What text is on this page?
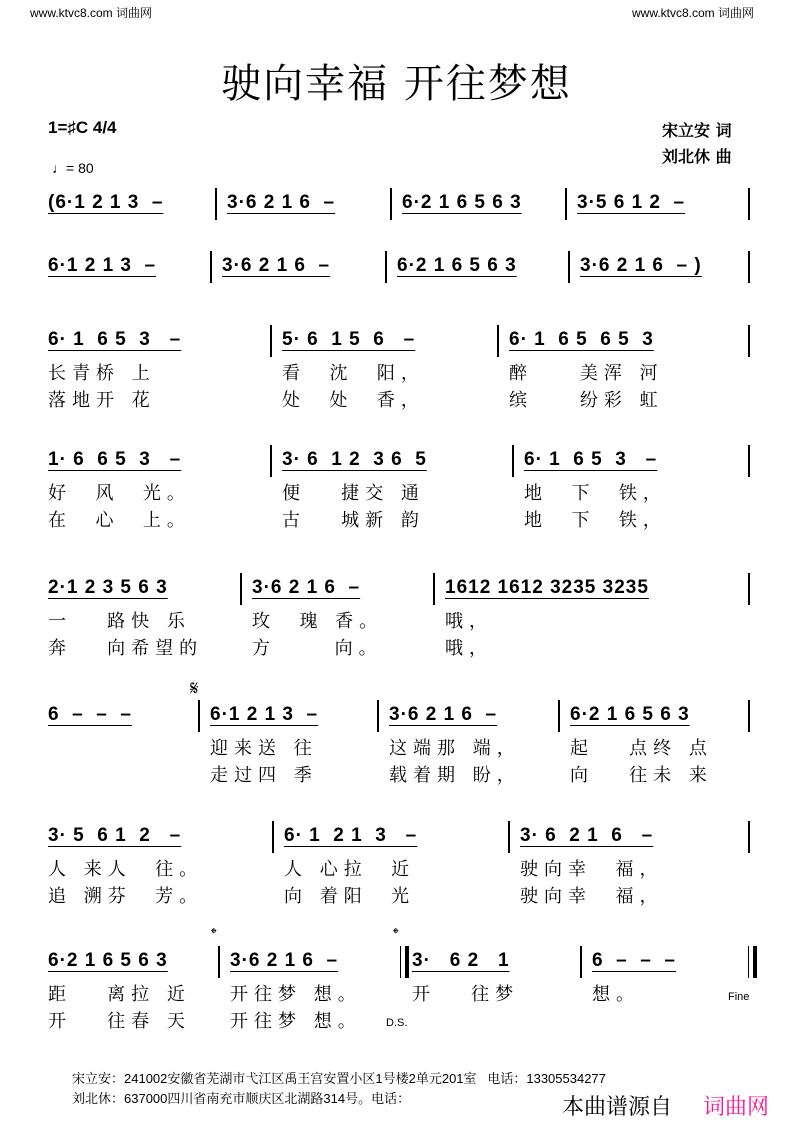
www.ktvc8.com 词曲网	www.ktvc8.com 词曲网
驶向幸福 开往梦想
1=♯C 4/4
♩= 80
宋立安 词
刘北休 曲
(6·1 2 1 3  –	3·6 2 1 6  –	6·2 1 6 5 6 3	3·5 6 1 2  –
6·1 2 1 3  –	3·6 2 1 6  –	6·2 1 6 5 6 3	3·6 2 1 6  – )
6· 1  6 5  3   –
长青桥 上
落地开 花
5· 6  1 5  6   –
看  沈  阳，
处  处  香，
6· 1  6 5  6 5  3
醉    美浑 河
缤    纷彩 虹
1· 6  6 5  3   –
好  风  光。
在  心  上。
3· 6  1 2  3 6  5
便   捷交 通
古   城新 韵
6· 1  6 5  3   –
地  下  铁，
地  下  铁，
2·1 2 3 5 6 3
一   路快 乐
奔   向希望的
3·6 2 1 6  –
玫  瑰 香。
方     向。
1612 1612 3235 3235
哦，
哦，
6  –  –  –	6·1 2 1 3  –
迎来送 往
走过四 季
3·6 2 1 6  –
这端那 端，
载着期 盼，
6·2 1 6 5 6 3
起   点终 点
向   往未 来
3· 5  6 1  2   –
人 来人  往。
追 溯芬  芳。
6· 1  2 1  3   –
人 心拉  近
向 着阳  光
3· 6  2 1  6   –
驶向幸  福，
驶向幸  福，
6·2 1 6 5 6 3
距   离拉 近
开   往春 天
3·6 2 1 6  –
开往梦 想。
开往梦 想。
3·   6 2   1
开   往梦
6  –  –  –
想。
𝄋
𝄌	𝄌
Fine
D.S.
宋立安：241002安徽省芜湖市弋江区禹王宫安置小区1号楼2单元201室   电话：13305534277
刘北休：637000四川省南充市顺庆区北湖路314号。电话：	本曲谱源自 词曲网
